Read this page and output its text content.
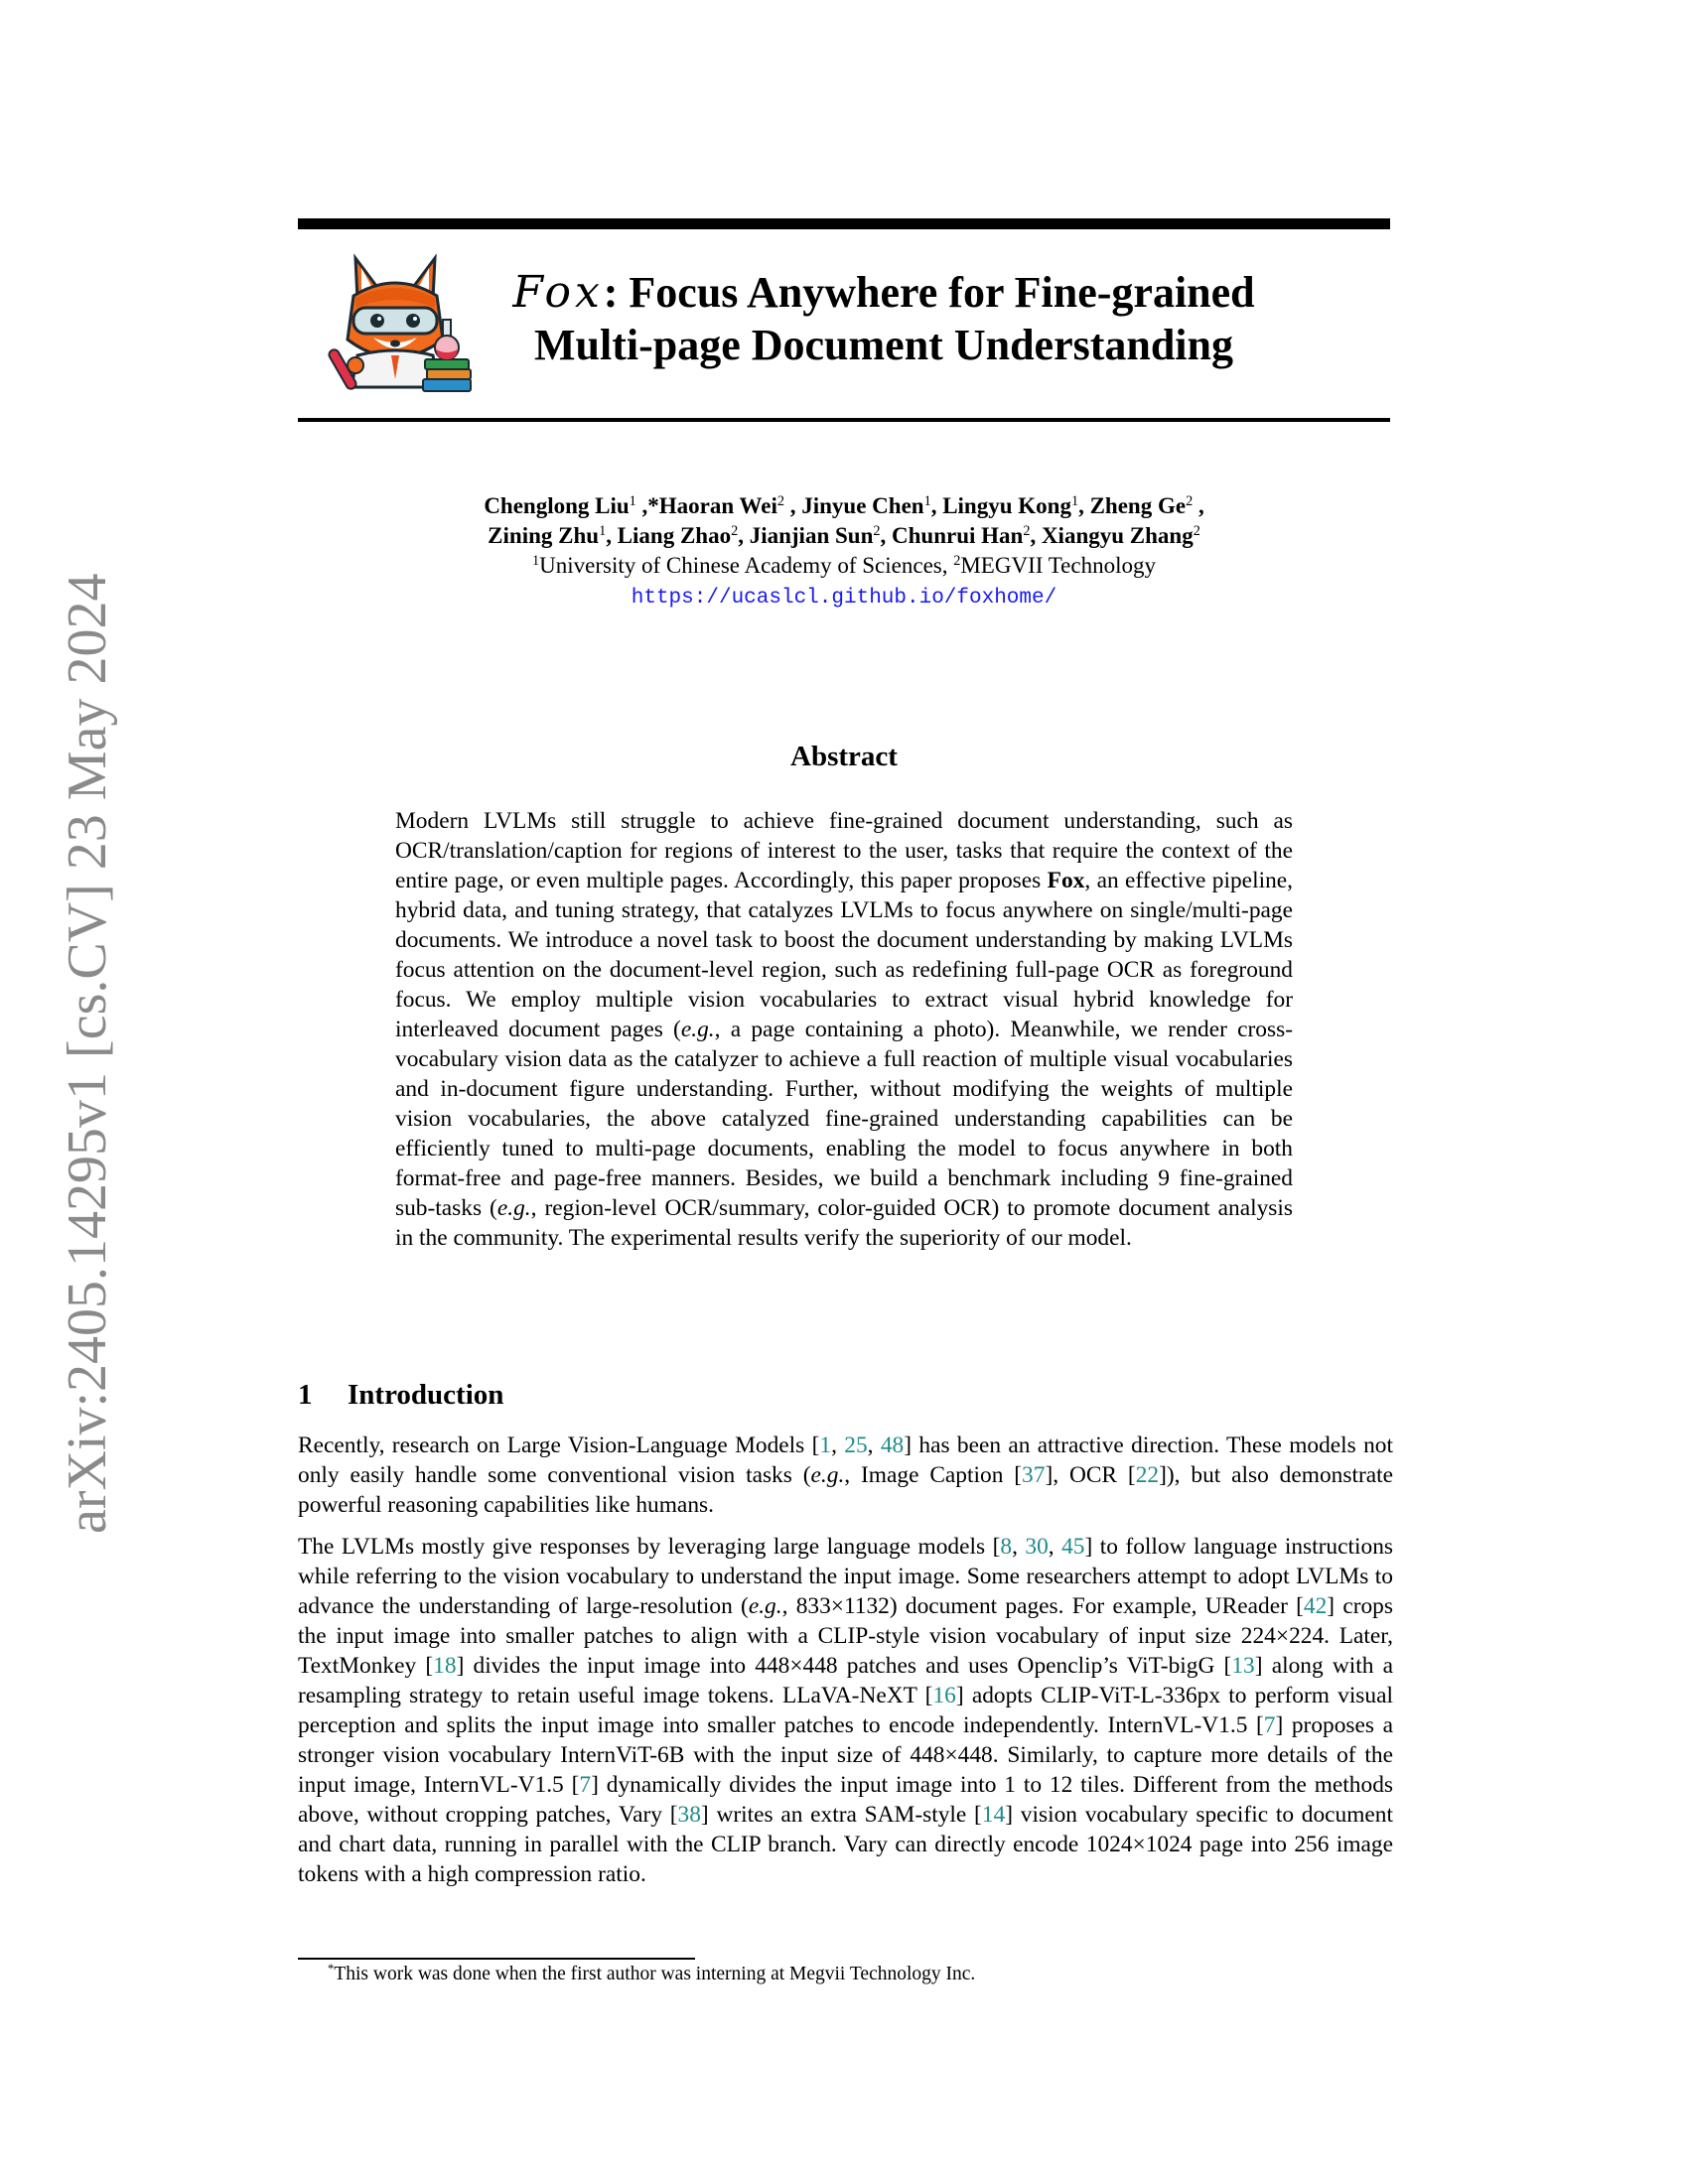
arXiv:2405.14295v1 [cs.CV] 23 May 2024
Fox: Focus Anywhere for Fine-grained
Multi-page Document Understanding
Chenglong Liu$^1$ ,*Haoran Wei$^2$ , Jinyue Chen$^1$, Lingyu Kong$^1$, Zheng Ge$^2$ ,
Zining Zhu$^1$, Liang Zhao$^2$, Jianjian Sun$^2$, Chunrui Han$^2$, Xiangyu Zhang$^2$
$^1$University of Chinese Academy of Sciences, $^2$MEGVII Technology
https://ucaslcl.github.io/foxhome/
Abstract
Modern LVLMs still struggle to achieve fine-grained document understanding, such as OCR/translation/caption for regions of interest to the user, tasks that require the context of the entire page, or even multiple pages. Accordingly, this paper proposes Fox, an effective pipeline, hybrid data, and tuning strategy, that catalyzes LVLMs to focus anywhere on single/multi-page documents. We introduce a novel task to boost the document understanding by making LVLMs focus attention on the document-level region, such as redefining full-page OCR as foreground focus. We employ multiple vision vocabularies to extract visual hybrid knowledge for interleaved document pages (e.g., a page containing a photo). Meanwhile, we render cross-vocabulary vision data as the catalyzer to achieve a full reaction of multiple visual vocabularies and in-document figure understanding. Further, without modifying the weights of multiple vision vocabularies, the above catalyzed fine-grained understanding capabilities can be efficiently tuned to multi-page documents, enabling the model to focus anywhere in both format-free and page-free manners. Besides, we build a benchmark including 9 fine-grained sub-tasks (e.g., region-level OCR/summary, color-guided OCR) to promote document analysis in the community. The experimental results verify the superiority of our model.
1 Introduction

Recently, research on Large Vision-Language Models [1, 25, 48] has been an attractive direction. These models not only easily handle some conventional vision tasks (e.g., Image Caption [37], OCR [22]), but also demonstrate powerful reasoning capabilities like humans.

The LVLMs mostly give responses by leveraging large language models [8, 30, 45] to follow language instructions while referring to the vision vocabulary to understand the input image. Some researchers attempt to adopt LVLMs to advance the understanding of large-resolution (e.g., 833×1132) document pages. For example, UReader [42] crops the input image into smaller patches to align with a CLIP-style vision vocabulary of input size 224×224. Later, TextMonkey [18] divides the input image into 448×448 patches and uses Openclip’s ViT-bigG [13] along with a resampling strategy to retain useful image tokens. LLaVA-NeXT [16] adopts CLIP-ViT-L-336px to perform visual perception and splits the input image into smaller patches to encode independently. InternVL-V1.5 [7] proposes a stronger vision vocabulary InternViT-6B with the input size of 448×448. Similarly, to capture more details of the input image, InternVL-V1.5 [7] dynamically divides the input image into 1 to 12 tiles. Different from the methods above, without cropping patches, Vary [38] writes an extra SAM-style [14] vision vocabulary specific to document and chart data, running in parallel with the CLIP branch. Vary can directly encode 1024×1024 page into 256 image tokens with a high compression ratio.

*This work was done when the first author was interning at Megvii Technology Inc.
